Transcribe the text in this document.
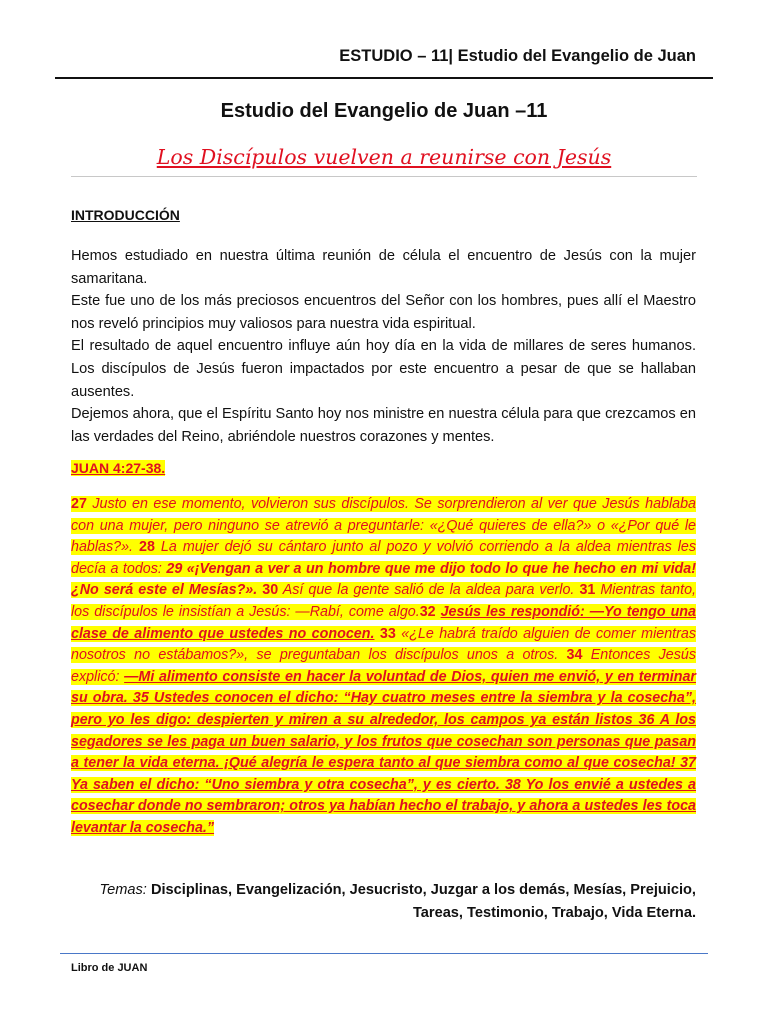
ESTUDIO – 11| Estudio del Evangelio de Juan
Estudio del Evangelio de Juan –11
Los Discípulos vuelven a reunirse con Jesús
INTRODUCCIÓN

Hemos estudiado en nuestra última reunión de célula el encuentro de Jesús con la mujer samaritana.

Este fue uno de los más preciosos encuentros del Señor con los hombres, pues allí el Maestro nos reveló principios muy valiosos para nuestra vida espiritual.

El resultado de aquel encuentro influye aún hoy día en la vida de millares de seres humanos. Los discípulos de Jesús fueron impactados por este encuentro a pesar de que se hallaban ausentes.

Dejemos ahora, que el Espíritu Santo hoy nos ministre en nuestra célula para que crezcamos en las verdades del Reino, abriéndole nuestros corazones y mentes.

JUAN 4:27-38.

27 Justo en ese momento, volvieron sus discípulos. Se sorprendieron al ver que Jesús hablaba con una mujer, pero ninguno se atrevió a preguntarle: «¿Qué quieres de ella?» o «¿Por qué le hablas?». 28 La mujer dejó su cántaro junto al pozo y volvió corriendo a la aldea mientras les decía a todos: 29 «¡Vengan a ver a un hombre que me dijo todo lo que he hecho en mi vida! ¿No será este el Mesías?». 30 Así que la gente salió de la aldea para verlo. 31 Mientras tanto, los discípulos le insistían a Jesús: —Rabí, come algo.32 Jesús les respondió: —Yo tengo una clase de alimento que ustedes no conocen. 33 «¿Le habrá traído alguien de comer mientras nosotros no estábamos?», se preguntaban los discípulos unos a otros. 34 Entonces Jesús explicó: —Mi alimento consiste en hacer la voluntad de Dios, quien me envió, y en terminar su obra. 35 Ustedes conocen el dicho: “Hay cuatro meses entre la siembra y la cosecha”, pero yo les digo: despierten y miren a su alrededor, los campos ya están listos 36 A los segadores se les paga un buen salario, y los frutos que cosechan son personas que pasan a tener la vida eterna. ¡Qué alegría le espera tanto al que siembra como al que cosecha! 37 Ya saben el dicho: “Uno siembra y otra cosecha”, y es cierto. 38 Yo los envié a ustedes a cosechar donde no sembraron; otros ya habían hecho el trabajo, y ahora a ustedes les toca levantar la cosecha.”

Temas: Disciplinas, Evangelización, Jesucristo, Juzgar a los demás, Mesías, Prejuicio, Tareas, Testimonio, Trabajo, Vida Eterna.
Libro de JUAN
